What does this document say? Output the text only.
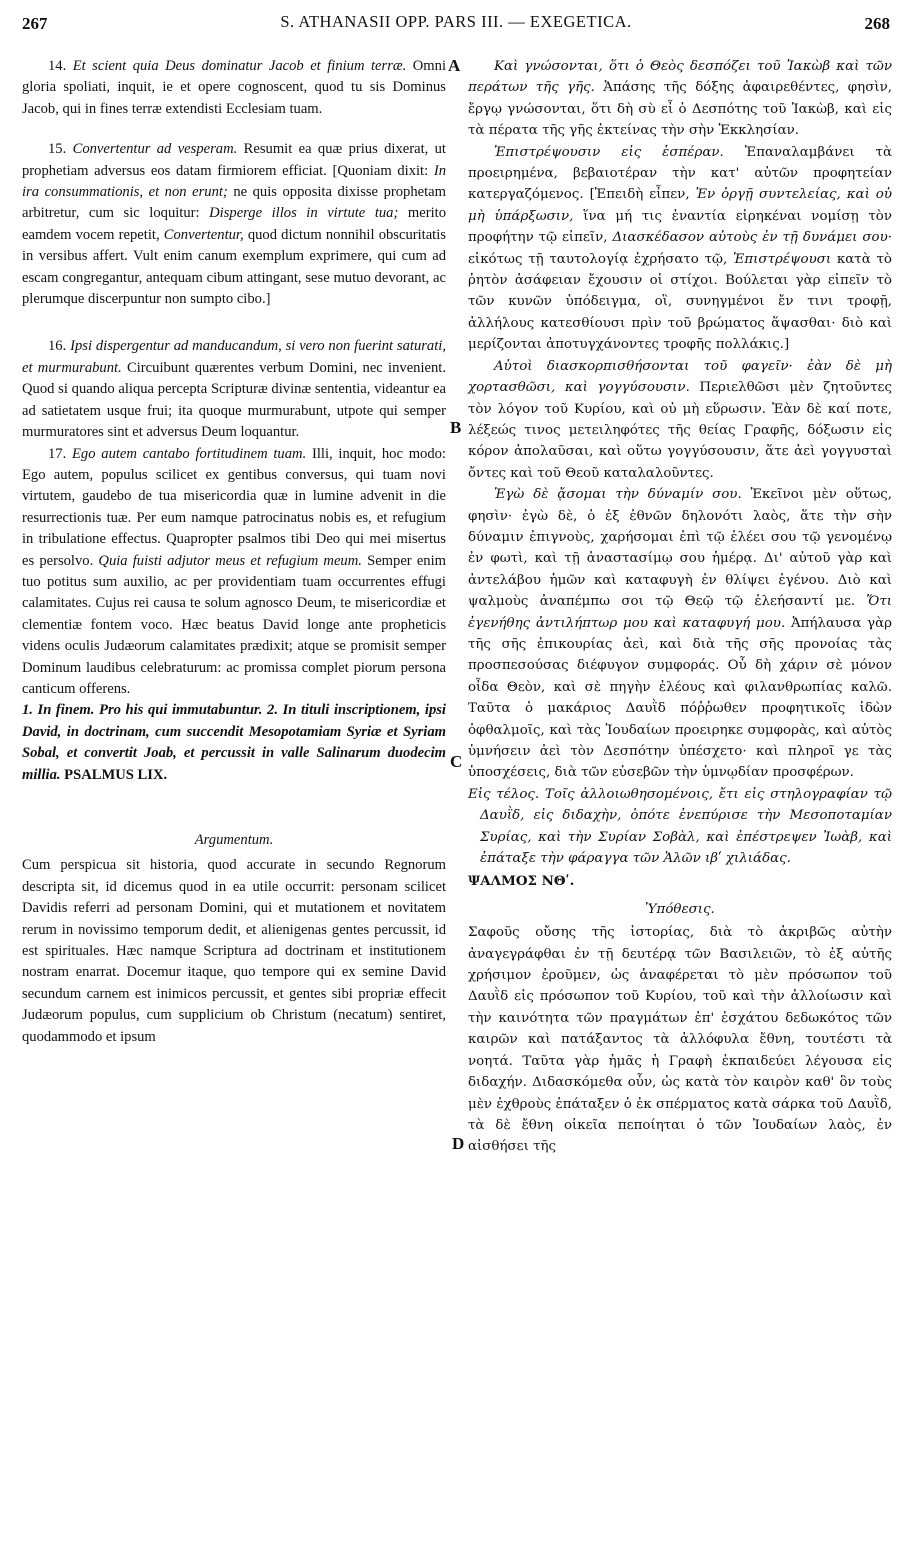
267	S. ATHANASII OPP. PARS III. — EXEGETICA.	268
A
B
C
D

14. Et scient quia Deus dominatur Jacob et finium terræ. Omni gloria spoliati, inquit, ie et opere cognoscent, quod tu sis Dominus Jacob, qui in fines terræ extendisti Ecclesiam tuam.

15. Convertentur ad vesperam. Resumit ea quæ prius dixerat, ut prophetiam adversus eos datam firmiorem efficiat. [Quoniam dixit: In ira consummationis, et non erunt; ne quis opposita dixisse prophetam arbitretur, cum sic loquitur: Disperge illos in virtute tua; merito eamdem vocem repetit, Convertentur, quod dictum nonnihil obscuritatis in versibus affert. Vult enim canum exemplum exprimere, qui cum ad escam congregantur, antequam cibum attingant, sese mutuo devorant, ac plerumque discerpuntur non sumpto cibo.]

16. Ipsi dispergentur ad manducandum, si vero non fuerint saturati, et murmurabunt. Circuibunt quærentes verbum Domini, nec invenient. Quod si quando aliqua percepta Scripturæ divinæ sententia, videantur ea ad satietatem usque frui; ita quoque murmurabunt, utpote qui semper murmuratores sint et adversus Deum loquantur.

17. Ego autem cantabo fortitudinem tuam. Illi, inquit, hoc modo: Ego autem, populus scilicet ex gentibus conversus, qui tuam novi virtutem, gaudebo de tua misericordia quæ in lumine advenit in die resurrectionis tuæ. Per eum namque patrocinatus nobis es, et refugium in tribulatione effectus. Quapropter psalmos tibi Deo qui mei misertus es persolvo. Quia fuisti adjutor meus et refugium meum. Semper enim tuo potitus sum auxilio, ac per providentiam tuam occurrentes effugi calamitates. Cujus rei causa te solum agnosco Deum, te misericordiæ et clementiæ fontem voco. Hæc beatus David longe ante propheticis videns oculis Judæorum calamitates prædixit; atque se promisit semper Dominum laudibus celebraturum: ac promissa complet piorum persona canticum offerens.

1. In finem. Pro his qui immutabuntur. 2. In tituli inscriptionem, ipsi David, in doctrinam, cum succendit Mesopotamiam Syriæ et Syriam Sobal, et convertit Joab, et percussit in valle Salinarum duodecim millia. PSALMUS LIX.

Argumentum.

Cum perspicua sit historia, quod accurate in secundo Regnorum descripta sit, id dicemus quod in ea utile occurrit: personam scilicet Davidis referri ad personam Domini, qui et mutationem et novitatem rerum in novissimo temporum dedit, et alienigenas gentes percussit, id est spirituales. Hæc namque Scriptura ad doctrinam et institutionem nostram enarrat. Docemur itaque, quo tempore qui ex semine David secundum carnem est inimicos percussit, et gentes sibi propriæ effecit Judæorum populus, cum supplicium ob Christum (necatum) sentiret, quodammodo et ipsum

Καὶ γνώσονται, ὅτι ὁ Θεὸς δεσπόζει τοῦ Ἰακὼβ καὶ τῶν περάτων τῆς γῆς. Ἁπάσης τῆς δόξης ἀφαιρεθέντες, φησὶν, ἔργῳ γνώσονται, ὅτι δὴ σὺ εἶ ὁ Δεσπότης τοῦ Ἰακὼβ, καὶ εἰς τὰ πέρατα τῆς γῆς ἐκτείνας τὴν σὴν Ἐκκλησίαν.

Ἐπιστρέψουσιν εἰς ἑσπέραν. Ἐπαναλαμβάνει τὰ προειρημένα, βεβαιοτέραν τὴν κατ' αὐτῶν προφητείαν κατεργαζόμενος. [Ἐπειδὴ εἶπεν, Ἐν ὀργῇ συντελείας, καὶ οὐ μὴ ὑπάρξωσιν, ἵνα μή τις ἐναντία εἰρηκέναι νομίσῃ τὸν προφήτην τῷ εἰπεῖν, Διασκέδασον αὐτοὺς ἐν τῇ δυνάμει σου· εἰκότως τῇ ταυτολογίᾳ ἐχρήσατο τῷ, Ἐπιστρέψουσι κατὰ τὸ ῥητὸν ἀσάφειαν ἔχουσιν οἱ στίχοι. Βούλεται γὰρ εἰπεῖν τὸ τῶν κυνῶν ὑπόδειγμα, οἳ, συνηγμένοι ἔν τινι τροφῇ, ἀλλήλους κατεσθίουσι πρὶν τοῦ βρώματος ἅψασθαι· διὸ καὶ μερίζονται ἀποτυγχάνοντες τροφῆς πολλάκις.]

Αὐτοὶ διασκορπισθήσονται τοῦ φαγεῖν· ἐὰν δὲ μὴ χορτασθῶσι, καὶ γογγύσουσιν. Περιελθῶσι μὲν ζητοῦντες τὸν λόγον τοῦ Κυρίου, καὶ οὐ μὴ εὕρωσιν. Ἐὰν δὲ καί ποτε, λέξεώς τινος μετειληφότες τῆς θείας Γραφῆς, δόξωσιν εἰς κόρον ἀπολαῦσαι, καὶ οὕτω γογγύσουσιν, ἅτε ἀεὶ γογγυσταὶ ὄντες καὶ τοῦ Θεοῦ καταλαλοῦντες.

Ἐγὼ δὲ ᾄσομαι τὴν δύναμίν σου. Ἐκεῖνοι μὲν οὕτως, φησὶν· ἐγὼ δὲ, ὁ ἐξ ἐθνῶν δηλονότι λαὸς, ἅτε τὴν σὴν δύναμιν ἐπιγνοὺς, χαρήσομαι ἐπὶ τῷ ἐλέει σου τῷ γενομένῳ ἐν φωτὶ, καὶ τῇ ἀναστασίμῳ σου ἡμέρᾳ. Δι' αὐτοῦ γὰρ καὶ ἀντελάβου ἡμῶν καὶ καταφυγὴ ἐν θλίψει ἐγένου. Διὸ καὶ ψαλμοὺς ἀναπέμπω σοι τῷ Θεῷ τῷ ἐλεήσαντί με. Ὅτι ἐγενήθης ἀντιλήπτωρ μου καὶ καταφυγή μου. Ἀπήλαυσα γὰρ τῆς σῆς ἐπικουρίας ἀεὶ, καὶ διὰ τῆς σῆς προνοίας τὰς προσπεσούσας διέφυγον συμφοράς. Οὗ δὴ χάριν σὲ μόνον οἶδα Θεὸν, καὶ σὲ πηγὴν ἐλέους καὶ φιλανθρωπίας καλῶ. Ταῦτα ὁ μακάριος Δαυῒδ πόῤῥωθεν προφητικοῖς ἰδὼν ὀφθαλμοῖς, καὶ τὰς Ἰουδαίων προειρηκε συμφορὰς, καὶ αὐτὸς ὑμνήσειν ἀεὶ τὸν Δεσπότην ὑπέσχετο· καὶ πληροῖ γε τὰς ὑποσχέσεις, διὰ τῶν εὐσεβῶν τὴν ὑμνῳδίαν προσφέρων.

Εἰς τέλος. Τοῖς ἀλλοιωθησομένοις, ἔτι εἰς στηλογραφίαν τῷ Δαυῒδ, εἰς διδαχὴν, ὁπότε ἐνεπύρισε τὴν Μεσοποταμίαν Συρίας, καὶ τὴν Συρίαν Σοβὰλ, καὶ ἐπέστρεψεν Ἰωὰβ, καὶ ἐπάταξε τὴν φάραγγα τῶν Ἁλῶν ιβʹ χιλιάδας.

ΨΑΛΜΟΣ ΝΘʹ.
Ὑπόθεσις.

Σαφοῦς οὔσης τῆς ἱστορίας, διὰ τὸ ἀκριβῶς αὐτὴν ἀναγεγράφθαι ἐν τῇ δευτέρᾳ τῶν Βασιλειῶν, τὸ ἐξ αὐτῆς χρήσιμον ἐροῦμεν, ὡς ἀναφέρεται τὸ μὲν πρόσωπον τοῦ Δαυῒδ εἰς πρόσωπον τοῦ Κυρίου, τοῦ καὶ τὴν ἀλλοίωσιν καὶ τὴν καινότητα τῶν πραγμάτων ἐπ' ἐσχάτου δεδωκότος τῶν καιρῶν καὶ πατάξαντος τὰ ἀλλόφυλα ἔθνη, τουτέστι τὰ νοητά. Ταῦτα γὰρ ἡμᾶς ἡ Γραφὴ ἐκπαιδεύει λέγουσα εἰς διδαχήν. Διδασκόμεθα οὖν, ὡς κατὰ τὸν καιρὸν καθ' ὃν τοὺς μὲν ἐχθροὺς ἐπάταξεν ὁ ἐκ σπέρματος κατὰ σάρκα τοῦ Δαυῒδ, τὰ δὲ ἔθνη οἰκεῖα πεποίηται ὁ τῶν Ἰουδαίων λαὸς, ἐν αἰσθήσει τῆς
